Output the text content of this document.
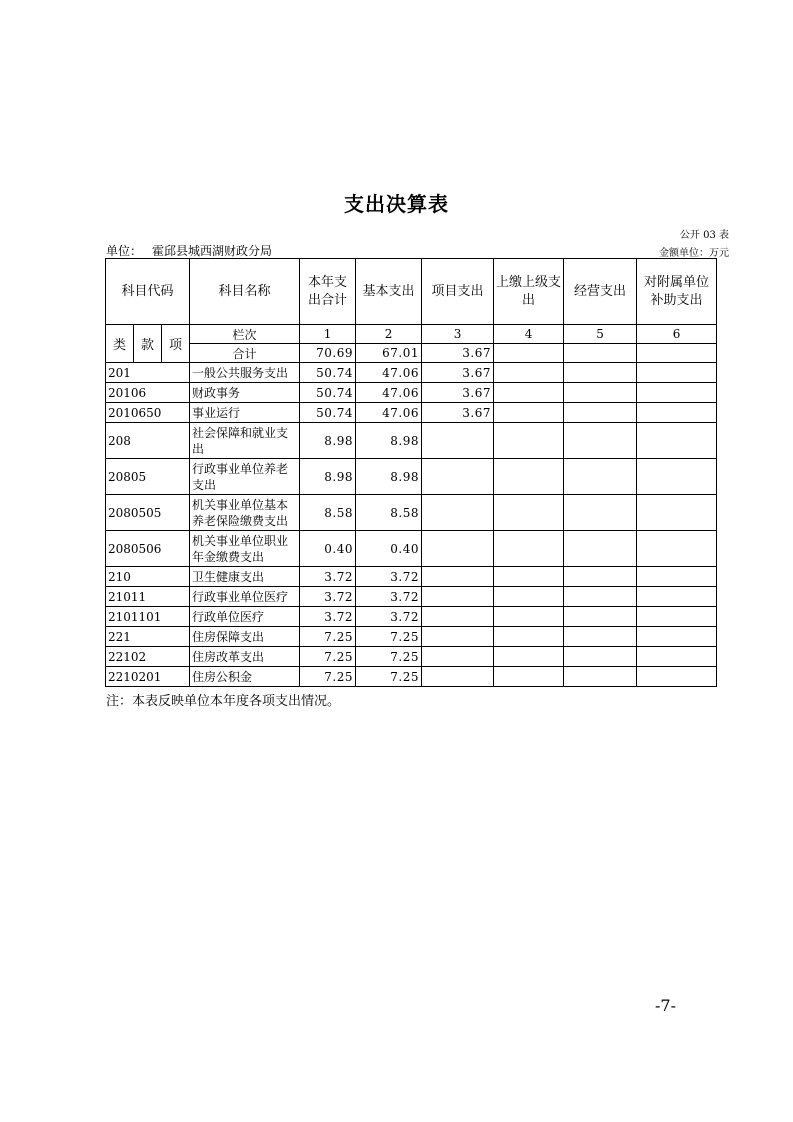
支出决算表
公开 03 表
单位： 霍邱县城西湖财政分局	金额单位：万元
科目代码			科目名称	本年支出合计	基本支出	项目支出	上缴上级支出	经营支出	对附属单位补助支出
类	款	项	栏次	1	2	3	4	5	6
			合计	70.69	67.01	3.67			
201			一般公共服务支出	50.74	47.06	3.67			
20106			财政事务	50.74	47.06	3.67			
2010650			事业运行	50.74	47.06	3.67			
208			社会保障和就业支出	8.98	8.98				
20805			行政事业单位养老支出	8.98	8.98				
2080505			机关事业单位基本养老保险缴费支出	8.58	8.58				
2080506			机关事业单位职业年金缴费支出	0.40	0.40				
210			卫生健康支出	3.72	3.72				
21011			行政事业单位医疗	3.72	3.72				
2101101			行政单位医疗	3.72	3.72				
221			住房保障支出	7.25	7.25				
22102			住房改革支出	7.25	7.25				
2210201			住房公积金	7.25	7.25				
注：本表反映单位本年度各项支出情况。
-7-
